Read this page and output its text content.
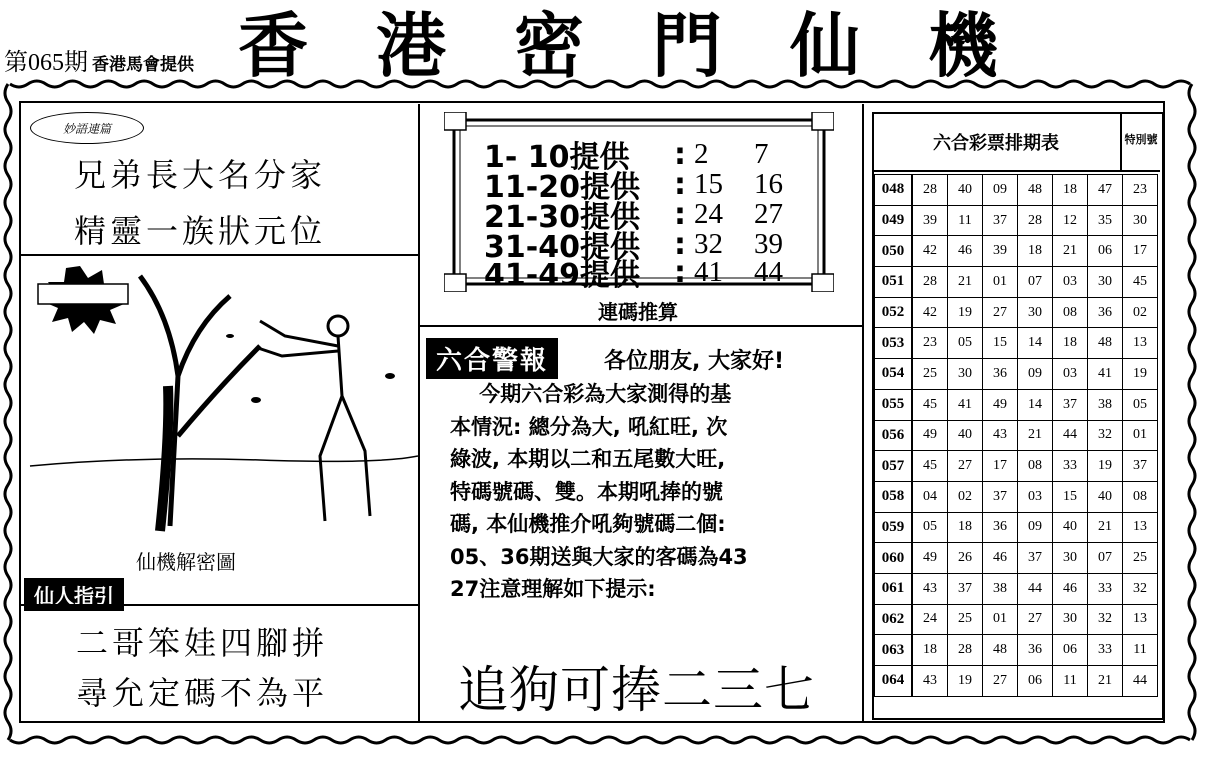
第065期 香港馬會提供 香 港 密 門 仙 機
妙語連篇
兄弟長大名分家
精靈一族狀元位
仙機解密圖
仙人指引
二哥笨娃四腳拼
尋允定碼不為平
1- 10提供	: 2	7
11-20提供	: 15	16
21-30提供	: 24	27
31-40提供	: 32	39
41-49提供	: 41	44
連碼推算
六合警報	各位朋友, 大家好!
今期六合彩為大家測得的基
本情況: 總分為大, 吼紅旺, 次
綠波, 本期以二和五尾數大旺,
特碼號碼、雙。本期吼捧的號
碼, 本仙機推介吼夠號碼二個:
05、36期送與大家的客碼為43
27注意理解如下提示:
追狗可捧二三七
六合彩票排期表	特別號
048	28	40	09	48	18	47	23
049	39	11	37	28	12	35	30
050	42	46	39	18	21	06	17
051	28	21	01	07	03	30	45
052	42	19	27	30	08	36	02
053	23	05	15	14	18	48	13
054	25	30	36	09	03	41	19
055	45	41	49	14	37	38	05
056	49	40	43	21	44	32	01
057	45	27	17	08	33	19	37
058	04	02	37	03	15	40	08
059	05	18	36	09	40	21	13
060	49	26	46	37	30	07	25
061	43	37	38	44	46	33	32
062	24	25	01	27	30	32	13
063	18	28	48	36	06	33	11
064	43	19	27	06	11	21	44
